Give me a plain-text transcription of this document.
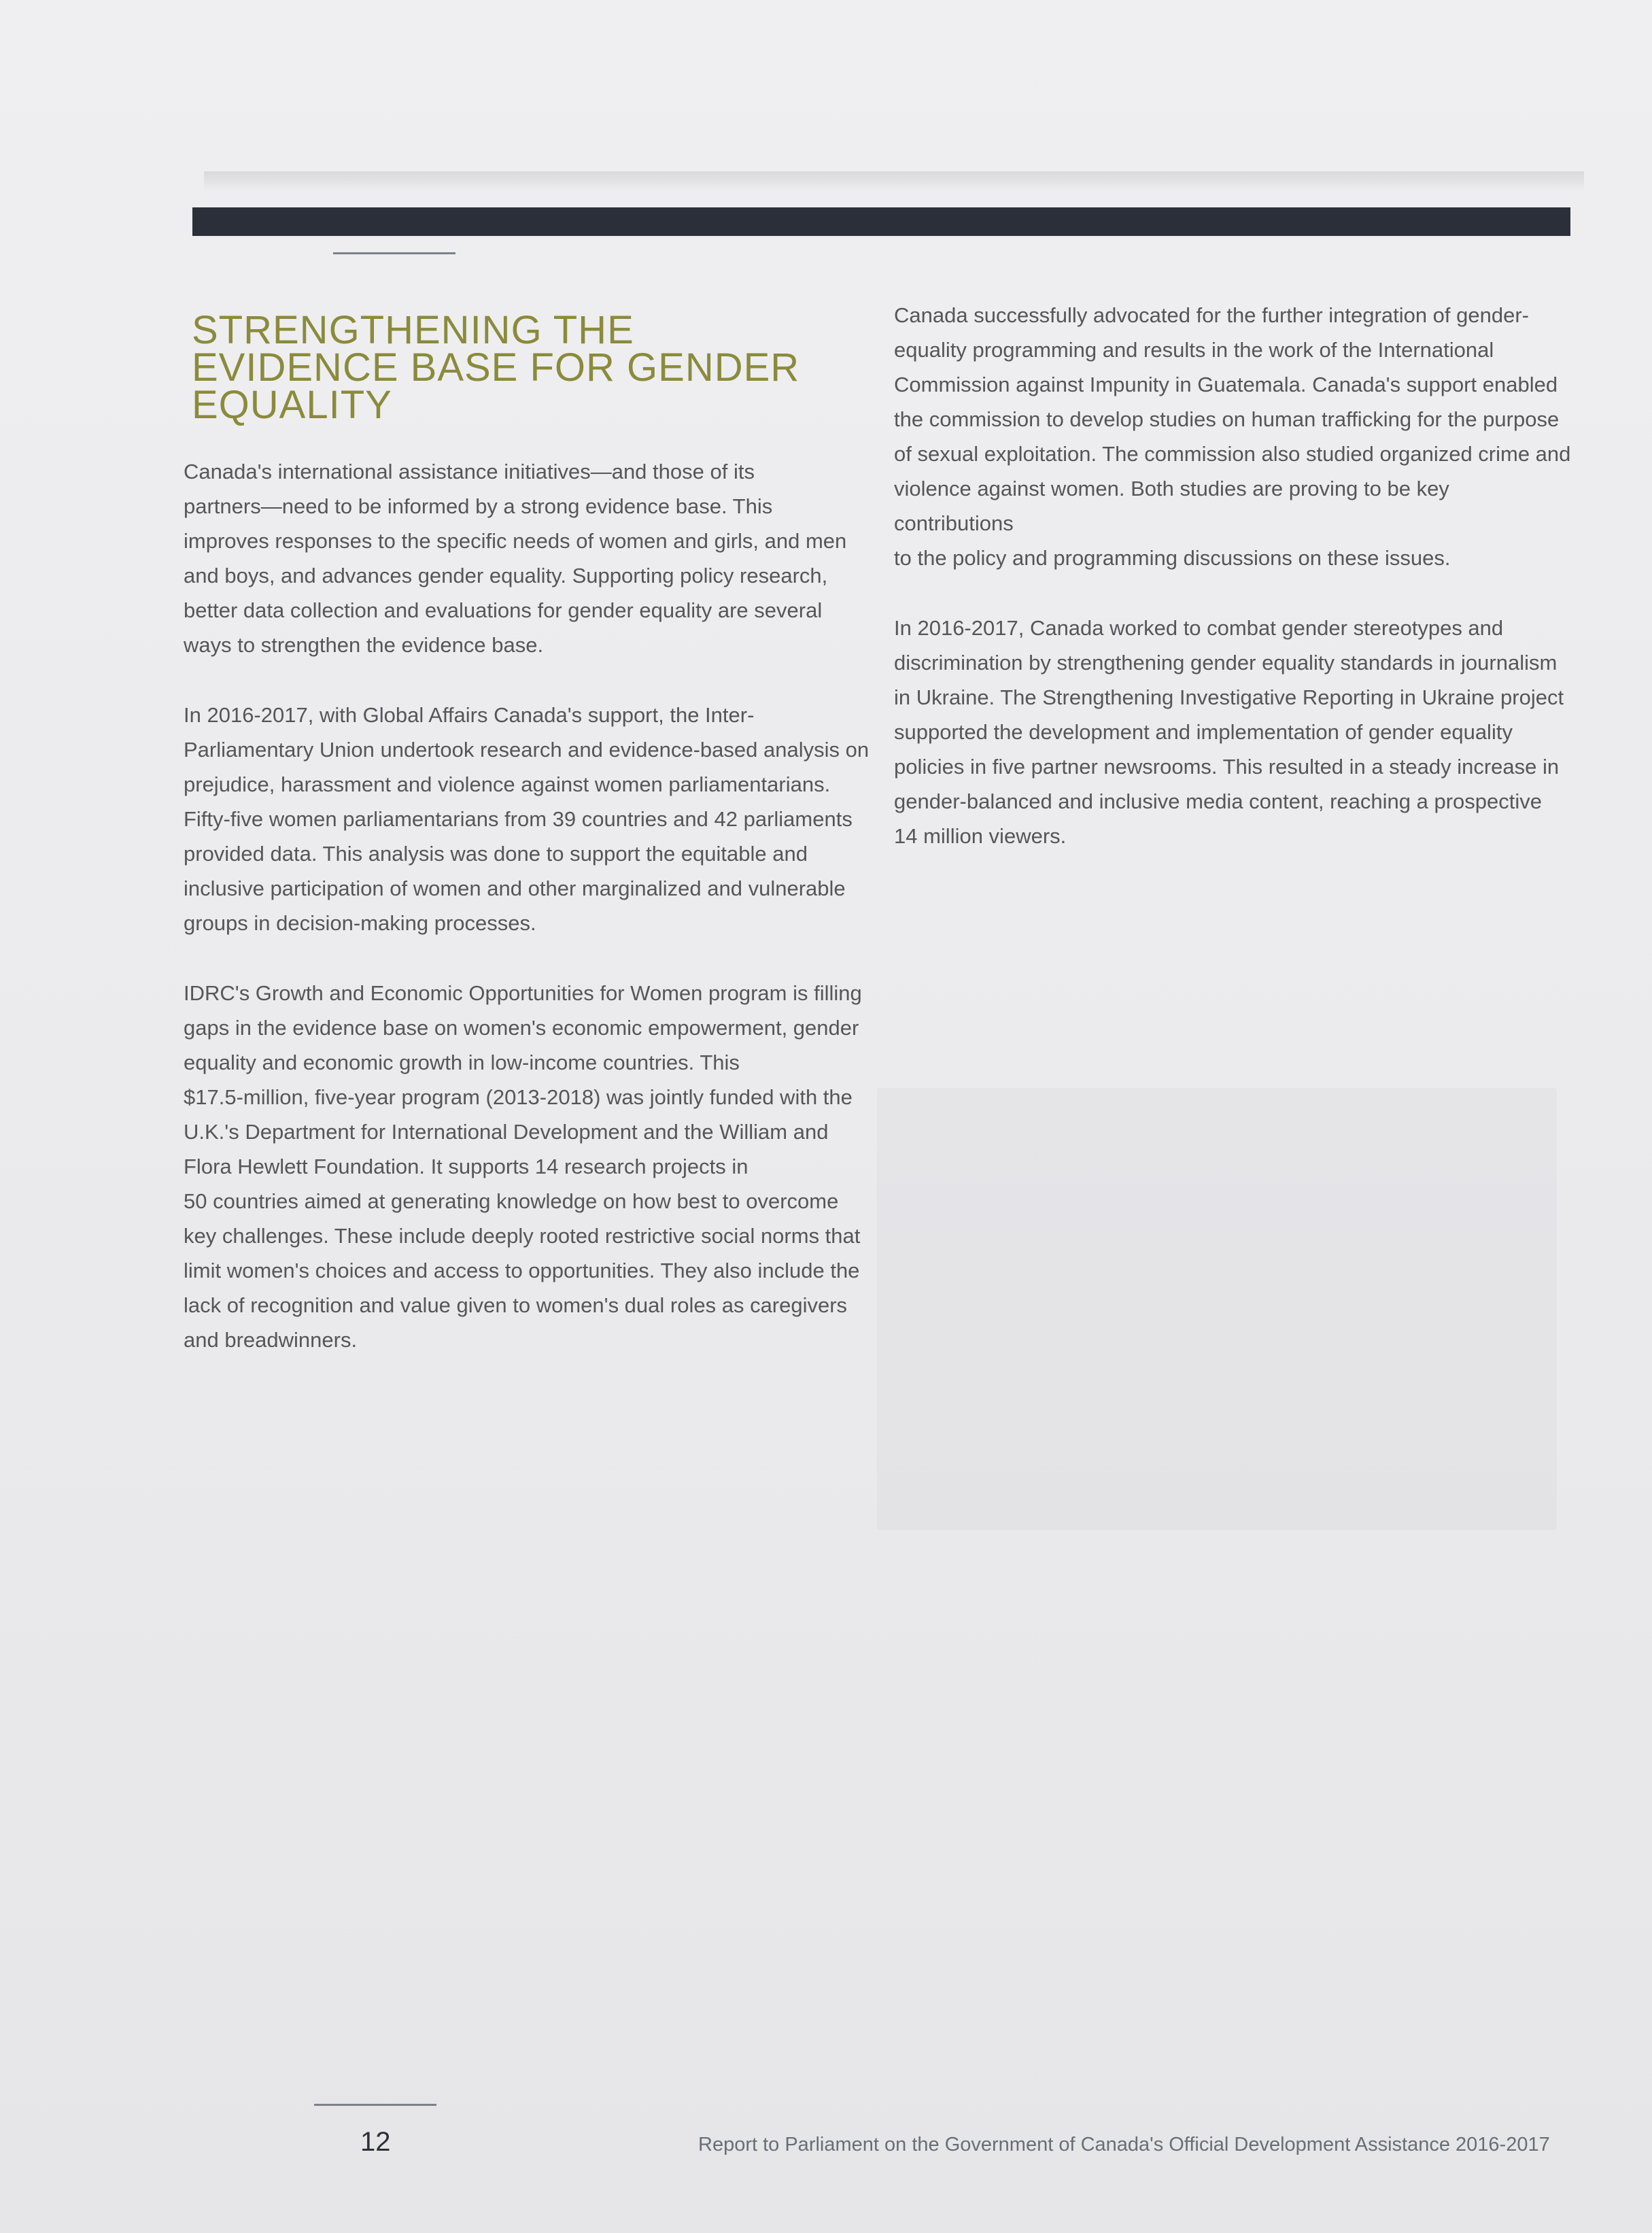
STRENGTHENING THE
EVIDENCE BASE FOR GENDER
EQUALITY

Canada's international assistance initiatives—and those of its
partners—need to be informed by a strong evidence base. This
improves responses to the specific needs of women and girls, and men
and boys, and advances gender equality. Supporting policy research,
better data collection and evaluations for gender equality are several
ways to strengthen the evidence base.

In 2016-2017, with Global Affairs Canada's support, the Inter-
Parliamentary Union undertook research and evidence-based analysis on
prejudice, harassment and violence against women parliamentarians.
Fifty-five women parliamentarians from 39 countries and 42 parliaments
provided data. This analysis was done to support the equitable and
inclusive participation of women and other marginalized and vulnerable
groups in decision-making processes.

IDRC's Growth and Economic Opportunities for Women program is filling
gaps in the evidence base on women's economic empowerment, gender
equality and economic growth in low-income countries. This
$17.5-million, five-year program (2013-2018) was jointly funded with the
U.K.'s Department for International Development and the William and
Flora Hewlett Foundation. It supports 14 research projects in
50 countries aimed at generating knowledge on how best to overcome
key challenges. These include deeply rooted restrictive social norms that
limit women's choices and access to opportunities. They also include the
lack of recognition and value given to women's dual roles as caregivers
and breadwinners.

Canada successfully advocated for the further integration of gender-
equality programming and results in the work of the International
Commission against Impunity in Guatemala. Canada's support enabled
the commission to develop studies on human trafficking for the purpose
of sexual exploitation. The commission also studied organized crime and
violence against women. Both studies are proving to be key contributions
to the policy and programming discussions on these issues.

In 2016-2017, Canada worked to combat gender stereotypes and
discrimination by strengthening gender equality standards in journalism
in Ukraine. The Strengthening Investigative Reporting in Ukraine project
supported the development and implementation of gender equality
policies in five partner newsrooms. This resulted in a steady increase in
gender-balanced and inclusive media content, reaching a prospective
14 million viewers.

12	Report to Parliament on the Government of Canada's Official Development Assistance 2016-2017
